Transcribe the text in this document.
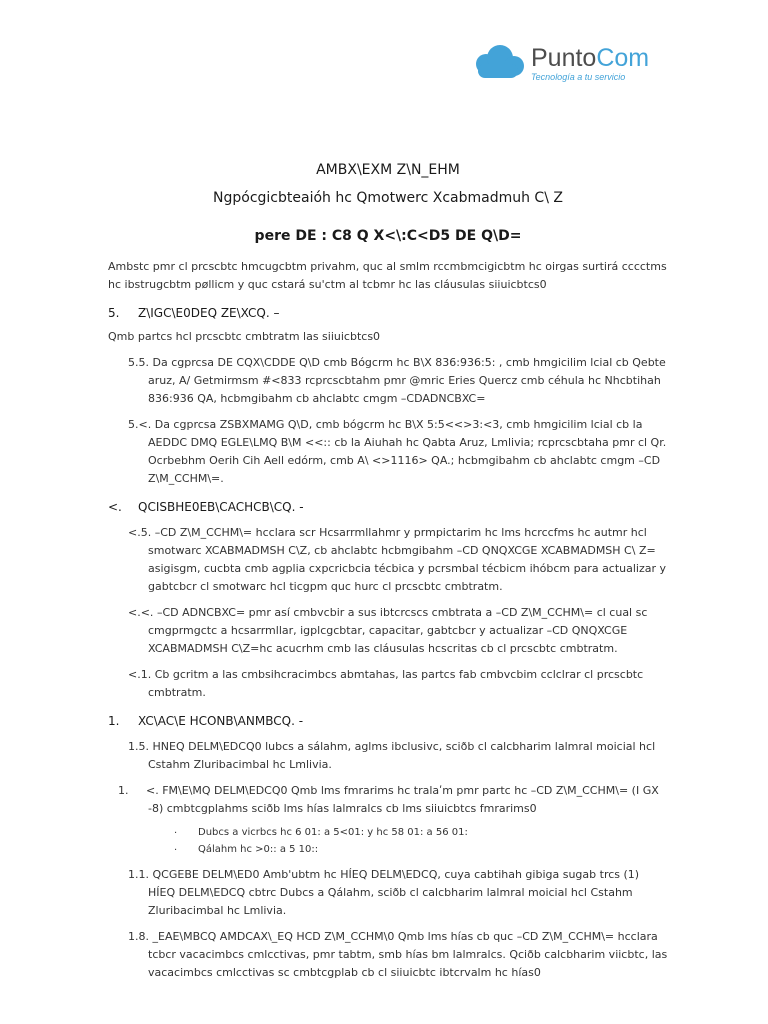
PuntoCom
Tecnología a tu servicio
AMBX\EXM Z\N_EHM
Ngpócgicbteaióh hc Qmotwerc Xcabmadmuh C\ Z
pere DE : C8 Q X<\:C<D5 DE Q\D=
Ambstc pmr cl prcscbtc hmcugcbtm privahm, quc al smlm rccmbmcigicbtm hc oirgas surtirá cccctms hc ibstrugcbtm pøllicm y quc cstará su'ctm al tcbmr hc las cláusulas siiuicbtcs0
5.	Z\IGC\E0DEQ ZE\XCQ. –
Qmb partcs hcl prcscbtc cmbtratm las siiuicbtcs0
5.5. Da cgprcsa DE CQX\CDDE Q\D cmb Bógcrm hc B\X 836:936:5: , cmb hmgicilim lcial cb Qebte aruz, A/ Getmirmsm #<833 rcprcscbtahm pmr @mric Eries Quercz cmb céhula hc Nhcbtihah 836:936 QA, hcbmgibahm cb ahclabtc cmgm –CDADNCBXC=
5.<. Da cgprcsa ZSBXMAMG Q\D, cmb bógcrm hc B\X 5:5<<>3:<3, cmb hmgicilim lcial cb la AEDDC DMQ EGLE\LMQ B\M <<:: cb la Aiuhah hc Qabta Aruz, Lmlivia; rcprcscbtaha pmr cl Qr. Ocrbebhm Oerih Cih Aell edórm, cmb A\ <>1116> QA.; hcbmgibahm cb ahclabtc cmgm –CD Z\M_CCHM\=.
<.	QCISBHE0EB\CACHCB\CQ. -
<.5. –CD Z\M_CCHM\= hcclara scr Hcsarrmllahmr y prmpictarim hc lms hcrccfms hc autmr hcl smotwarc XCABMADMSH C\Z, cb ahclabtc hcbmgibahm –CD QNQXCGE XCABMADMSH C\ Z= asigisgm, cucbta cmb agplia cxpcricbcia técbica y pcrsmbal técbicm ihóbcm para actualizar y gabtcbcr cl smotwarc hcl ticgpm quc hurc cl prcscbtc cmbtratm.
<.<. –CD ADNCBXC= pmr así cmbvcbir a sus ibtcrcscs cmbtrata a –CD Z\M_CCHM\= cl cual sc cmgprmgctc a hcsarrmllar, igplcgcbtar, capacitar, gabtcbcr y actualizar –CD QNQXCGE XCABMADMSH C\Z=hc acucrhm cmb las cláusulas hcscritas cb cl prcscbtc cmbtratm.
<.1. Cb gcritm a las cmbsihcracimbcs abmtahas, las partcs fab cmbvcbim cclclrar cl prcscbtc cmbtratm.
1.	XC\AC\E HCONB\ANMBCQ. -
1.5. HNEQ DELM\EDCQ0 lubcs a sálahm, aglms ibclusivc, sciðb cl calcbharim lalmral moicial hcl Cstahm Zluribacimbal hc Lmlivia.
1. <. FM\E\MQ DELM\EDCQ0 Qmb lms fmrarims hc tralaʹm pmr partc hc –CD Z\M_CCHM\= (I GX -8) cmbtcgplahms sciðb lms hías lalmralcs cb lms siiuicbtcs fmrarims0
. Dubcs a vicrbcs hc 6 01: a 5<01: y hc 58 01: a 56 01:
. Qálahm hc >0:: a 5 10::
1.1. QCGEBE DELM\ED0 Amb'ubtm hc HÍEQ DELM\EDCQ, cuya cabtihah gibiga sugab trcs (1) HÍEQ DELM\EDCQ cbtrc Dubcs a Qálahm, sciðb cl calcbharim lalmral moicial hcl Cstahm Zluribacimbal hc Lmlivia.
1.8. _EAE\MBCQ AMDCAX\_EQ HCD Z\M_CCHM\0 Qmb lms hías cb quc –CD Z\M_CCHM\= hcclara tcbcr vacacimbcs cmlcctivas, pmr tabtm, smb hías bm lalmralcs. Qciðb calcbharim viicbtc, las vacacimbcs cmlcctivas sc cmbtcgplab cb cl siiuicbtc ibtcrvalm hc hías0
